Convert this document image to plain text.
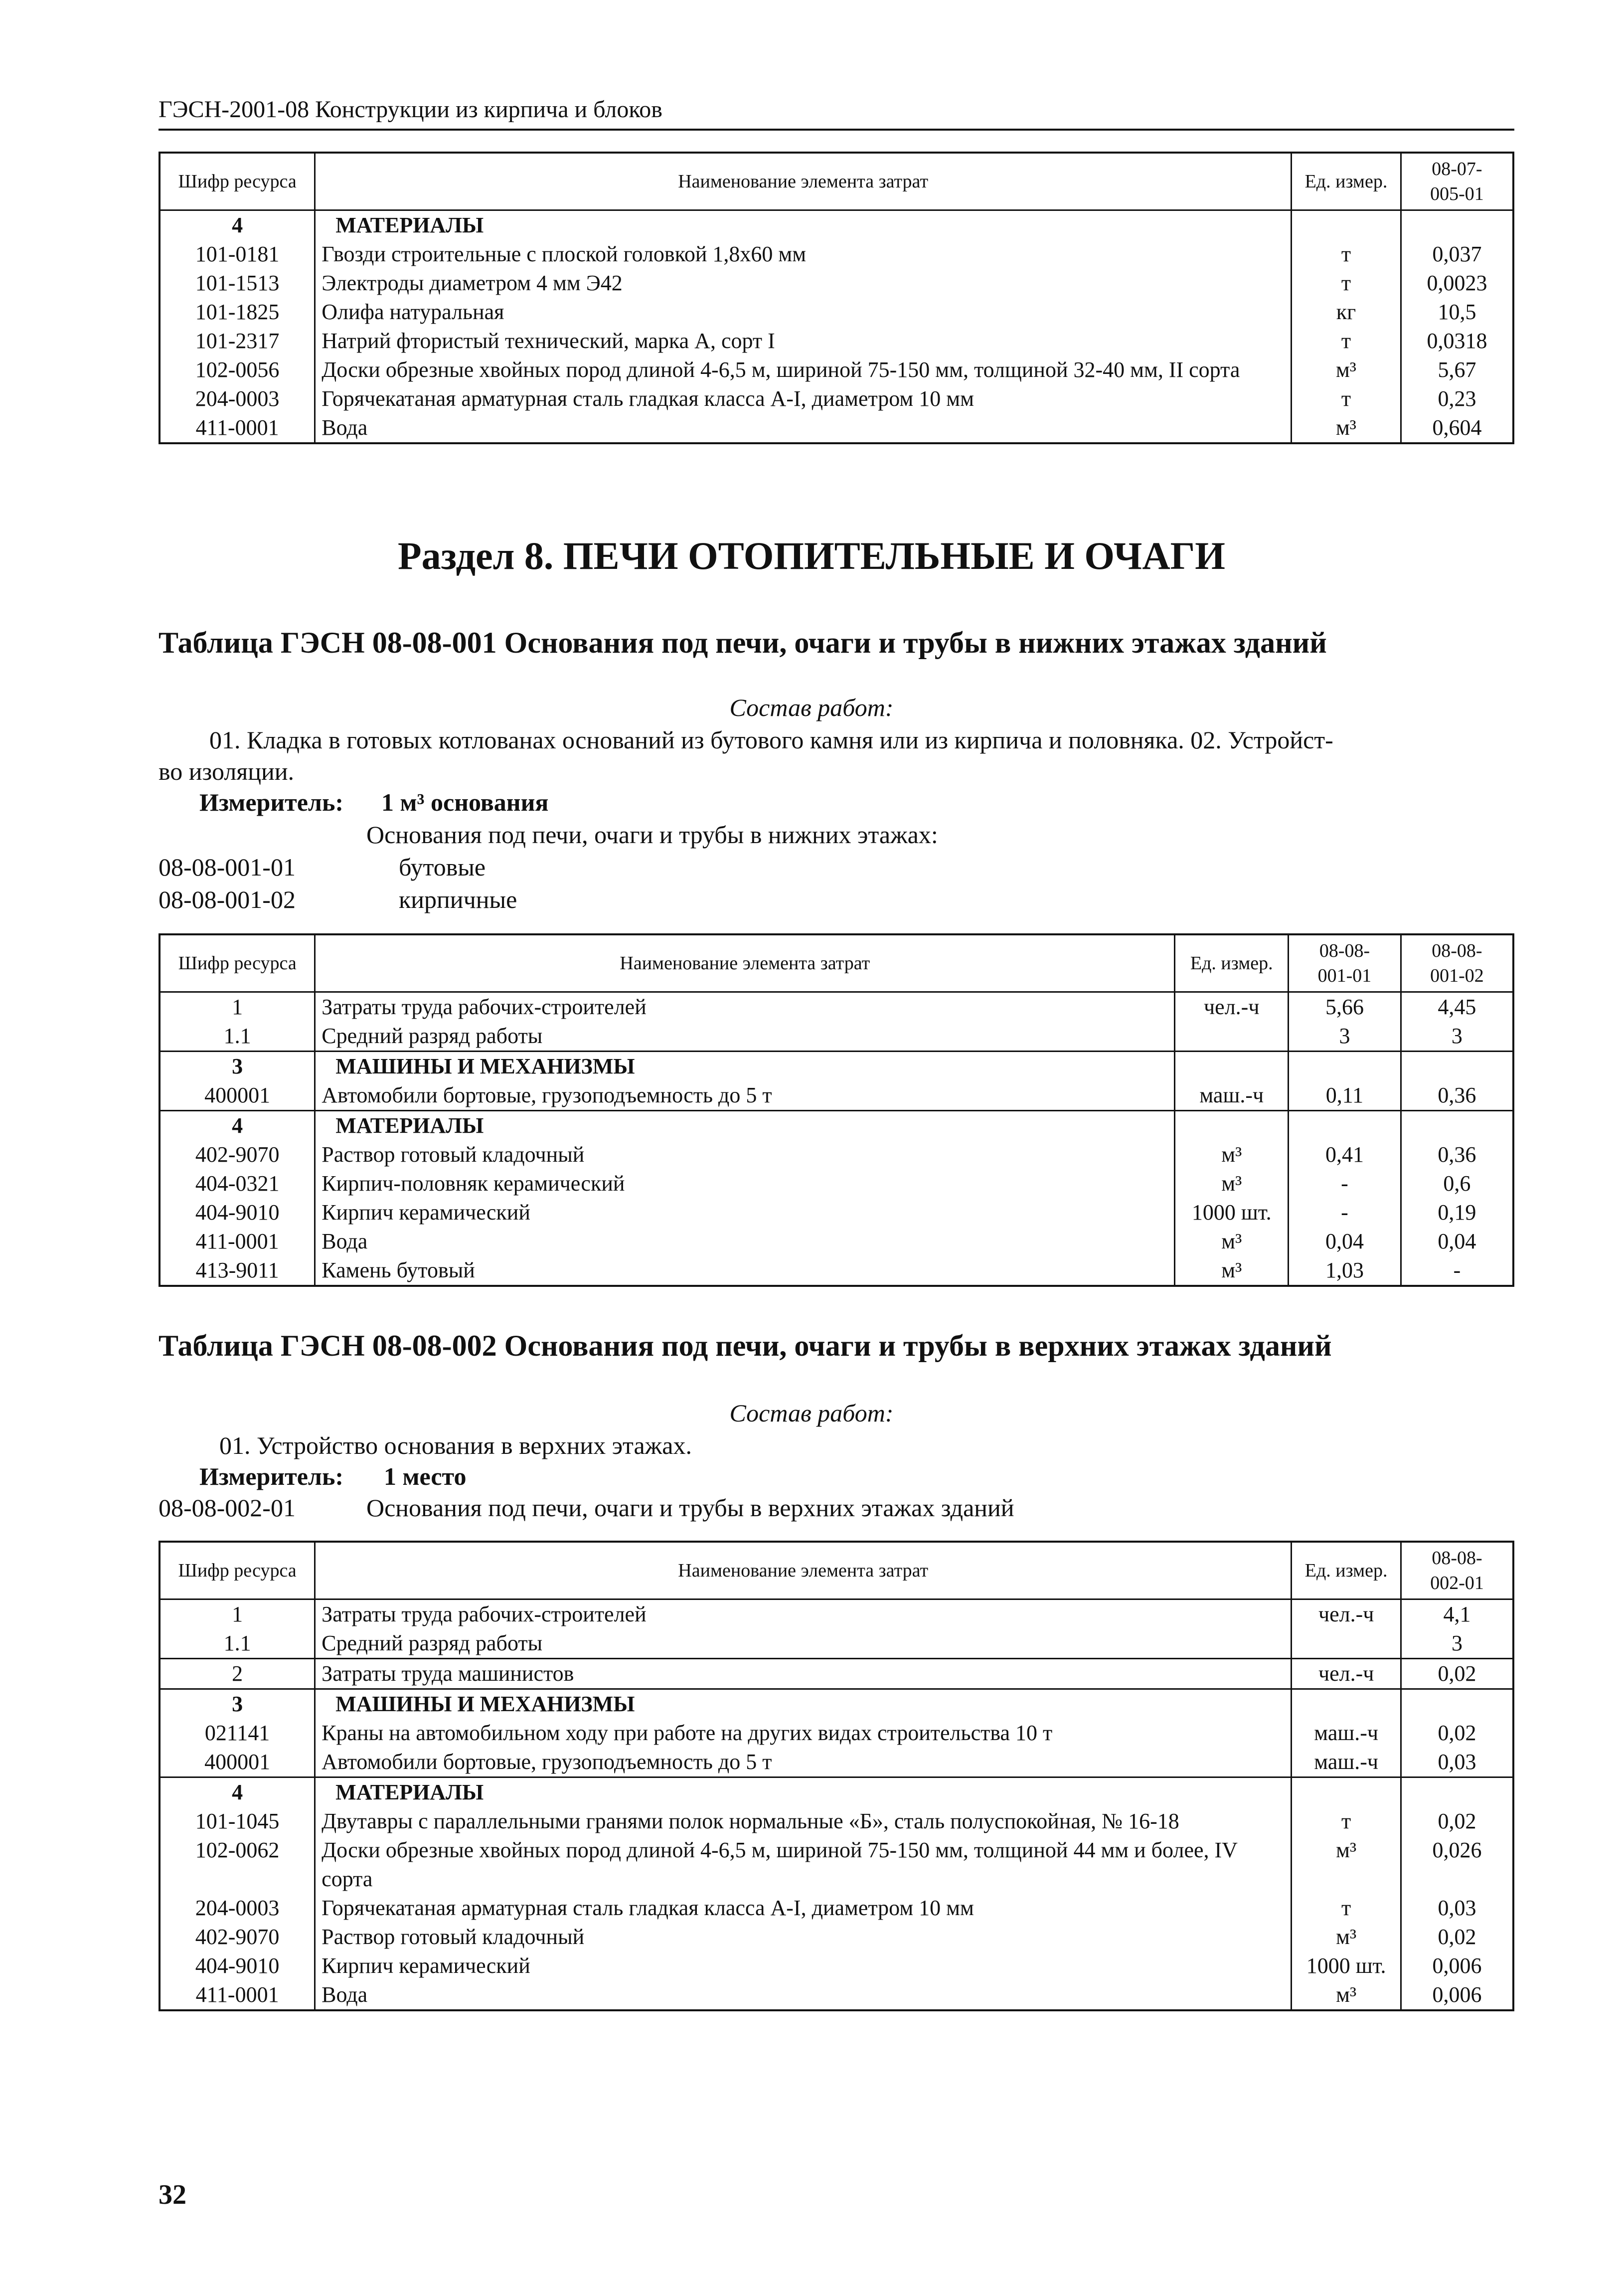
ГЭСН-2001-08 Конструкции из кирпича и блоков
Шифр ресурса	Наименование элемента затрат	Ед. измер.	08-07-
005-01
4	МАТЕРИАЛЫ		
101-0181	Гвозди строительные с плоской головкой 1,8x60 мм	т	0,037
101-1513	Электроды диаметром 4 мм Э42	т	0,0023
101-1825	Олифа натуральная	кг	10,5
101-2317	Натрий фтористый технический, марка А, сорт I	т	0,0318
102-0056	Доски обрезные хвойных пород длиной 4-6,5 м, шириной 75-150 мм, толщиной 32-40 мм, II сорта	м³	5,67
204-0003	Горячекатаная арматурная сталь гладкая класса А-I, диаметром 10 мм	т	0,23
411-0001	Вода	м³	0,604
Раздел 8. ПЕЧИ ОТОПИТЕЛЬНЫЕ И ОЧАГИ
Таблица ГЭСН 08-08-001 Основания под печи, очаги и трубы в нижних этажах зданий
Состав работ:
01. Кладка в готовых котлованах оснований из бутового камня или из кирпича и половняка. 02. Устройст-
во изоляции.
Измеритель: 1 м³ основания
Основания под печи, очаги и трубы в нижних этажах:
08-08-001-01	бутовые
08-08-001-02	кирпичные
Шифр ресурса	Наименование элемента затрат	Ед. измер.	08-08-
001-01	08-08-
001-02
1	Затраты труда рабочих-строителей	чел.-ч	5,66	4,45
1.1	Средний разряд работы		3	3
3	МАШИНЫ И МЕХАНИЗМЫ			
400001	Автомобили бортовые, грузоподъемность до 5 т	маш.-ч	0,11	0,36
4	МАТЕРИАЛЫ			
402-9070	Раствор готовый кладочный	м³	0,41	0,36
404-0321	Кирпич-половняк керамический	м³	-	0,6
404-9010	Кирпич керамический	1000 шт.	-	0,19
411-0001	Вода	м³	0,04	0,04
413-9011	Камень бутовый	м³	1,03	-
Таблица ГЭСН 08-08-002 Основания под печи, очаги и трубы в верхних этажах зданий
Состав работ:
01. Устройство основания в верхних этажах.
Измеритель: 1 место
08-08-002-01	Основания под печи, очаги и трубы в верхних этажах зданий
Шифр ресурса	Наименование элемента затрат	Ед. измер.	08-08-
002-01
1	Затраты труда рабочих-строителей	чел.-ч	4,1
1.1	Средний разряд работы		3
2	Затраты труда машинистов	чел.-ч	0,02
3	МАШИНЫ И МЕХАНИЗМЫ		
021141	Краны на автомобильном ходу при работе на других видах строительства 10 т	маш.-ч	0,02
400001	Автомобили бортовые, грузоподъемность до 5 т	маш.-ч	0,03
4	МАТЕРИАЛЫ		
101-1045	Двутавры с параллельными гранями полок нормальные «Б», сталь полуспокойная, № 16-18	т	0,02
102-0062	Доски обрезные хвойных пород длиной 4-6,5 м, шириной 75-150 мм, толщиной 44 мм и более, IV сорта	м³	0,026
204-0003	Горячекатаная арматурная сталь гладкая класса А-I, диаметром 10 мм	т	0,03
402-9070	Раствор готовый кладочный	м³	0,02
404-9010	Кирпич керамический	1000 шт.	0,006
411-0001	Вода	м³	0,006
32
